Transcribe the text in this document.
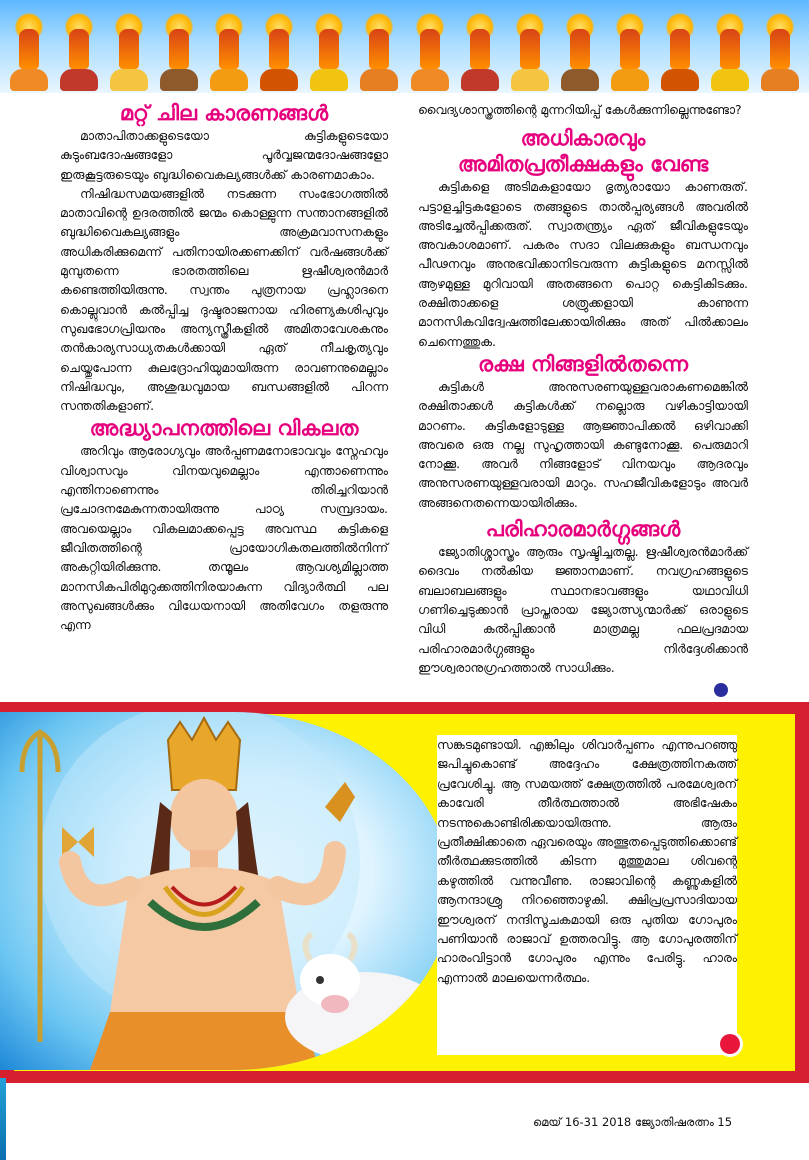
മറ്റ് ചില കാരണങ്ങൾ

മാതാപിതാക്കളുടെയോ കുട്ടികളുടെയോ കുടുംബദോഷങ്ങളോ പൂർവ്വജന്മദോഷങ്ങളോ ഇരുകൂട്ടരുടെയും ബുദ്ധിവൈകല്യങ്ങൾക്ക് കാരണമാകാം.

നിഷിദ്ധസമയങ്ങളിൽ നടക്കുന്ന സംഭോഗത്തിൽ മാതാവിന്റെ ഉദരത്തിൽ ജന്മം കൊള്ളുന്ന സന്താനങ്ങളിൽ ബുദ്ധിവൈകല്യങ്ങളും അക്രമവാസനകളും അധികരിക്കുമെന്ന് പതിനായിരക്കണക്കിന് വർഷങ്ങൾക്ക് മുമ്പുതന്നെ ഭാരതത്തിലെ ഋഷീശ്വരൻമാർ കണ്ടെത്തിയിരുന്നു. സ്വന്തം പുത്രനായ പ്രഹ്ലാദനെ കൊല്ലുവാൻ കൽപ്പിച്ച ദുഷ്ടരാജനായ ഹിരണ്യകശിപുവും സുഖഭോഗപ്രിയനും അന്യസ്ത്രീകളിൽ അമിതാവേശകനും തൻകാര്യസാധ്യതകൾക്കായി ഏത് നീചകൃത്യവും ചെയ്തുപോന്ന കുലദ്രോഹിയുമായിരുന്ന രാവണനുമെല്ലാം നിഷിദ്ധവും, അശുദ്ധവുമായ ബന്ധങ്ങളിൽ പിറന്ന സന്തതികളാണ്.

അദ്ധ്യാപനത്തിലെ വികലത

അറിവും ആരോഗ്യവും അർപ്പണമനോഭാവവും സ്നേഹവും വിശ്വാസവും വിനയവുമെല്ലാം എന്താണെന്നും എന്തിനാണെന്നും തിരിച്ചറിയാൻ പ്രചോദനമേകുന്നതായിരുന്നു പാഠ്യ സമ്പ്രദായം. അവയെല്ലാം വികലമാക്കപ്പെട്ട അവസ്ഥ കുട്ടികളെ ജീവിതത്തിന്റെ പ്രായോഗികതലത്തിൽനിന്ന് അകറ്റിയിരിക്കുന്നു. തന്മൂലം ആവശ്യമില്ലാത്ത മാനസികപിരിമുറുക്കത്തിനിരയാകുന്ന വിദ്യാർത്ഥി പല അസുഖങ്ങൾക്കും വിധേയനായി അതിവേഗം തളരുന്നു എന്ന

വൈദ്യശാസ്ത്രത്തിന്റെ മുന്നറിയിപ്പ് കേൾക്കുന്നില്ലെന്നുണ്ടോ?

അധികാരവും
അമിതപ്രതീക്ഷകളും വേണ്ട

കുട്ടികളെ അടിമകളായോ ഭൃത്യരായോ കാണരുത്. പട്ടാളച്ചിട്ടകളോടെ തങ്ങളുടെ താൽപ്പര്യങ്ങൾ അവരിൽ അടിച്ചേൽപ്പിക്കരുത്. സ്വാതന്ത്ര്യം ഏത് ജീവികളുടേയും അവകാശമാണ്. പകരം സദാ വിലക്കുകളും ബന്ധനവും പീഢനവും അനുഭവിക്കാനിടവരുന്ന കുട്ടികളുടെ മനസ്സിൽ ആഴമുള്ള മുറിവായി അതങ്ങനെ പൊറ്റ കെട്ടികിടക്കും. രക്ഷിതാക്കളെ ശത്രുക്കളായി കാണുന്ന മാനസികവിദ്വേഷത്തിലേക്കായിരിക്കും അത് പിൽക്കാലം ചെന്നെത്തുക.

രക്ഷ നിങ്ങളിൽതന്നെ

കുട്ടികൾ അനുസരണയുള്ളവരാകണമെങ്കിൽ രക്ഷിതാക്കൾ കുട്ടികൾക്ക് നല്ലൊരു വഴികാട്ടിയായി മാറണം. കുട്ടികളോടുള്ള ആജ്ഞാപിക്കൽ ഒഴിവാക്കി അവരെ ഒരു നല്ല സുഹൃത്തായി കണ്ടുനോക്കൂ. പെരുമാറി നോക്കൂ. അവർ നിങ്ങളോട് വിനയവും ആദരവും അനുസരണയുള്ളവരായി മാറും. സഹജീവികളോടും അവർ അങ്ങനെതന്നെയായിരിക്കും.

പരിഹാരമാർഗ്ഗങ്ങൾ

ജ്യോതിശ്ശാസ്ത്രം ആരും സൃഷ്ടിച്ചതല്ല. ഋഷീശ്വരൻമാർക്ക് ദൈവം നൽകിയ ജ്ഞാനമാണ്. നവഗ്രഹങ്ങളുടെ ബലാബലങ്ങളും സ്ഥാനഭാവങ്ങളും യഥാവിധി ഗണിച്ചെടുക്കാൻ പ്രാപ്തരായ ജ്യോത്സ്യന്മാർക്ക് ഒരാളുടെ വിധി കൽപ്പിക്കാൻ മാത്രമല്ല ഫലപ്രദമായ പരിഹാരമാർഗ്ഗങ്ങളും നിർദ്ദേശിക്കാൻ ഈശ്വരാനുഗ്രഹത്താൽ സാധിക്കും.

സങ്കടമുണ്ടായി. എങ്കിലും ശിവാർപ്പണം എന്നുപറഞ്ഞു ജപിച്ചുകൊണ്ട് അദ്ദേഹം ക്ഷേത്രത്തിനകത്ത് പ്രവേശിച്ചു. ആ സമയത്ത് ക്ഷേത്രത്തിൽ പരമേശ്വരന് കാവേരി തീർത്ഥത്താൽ അഭിഷേകം നടന്നുകൊണ്ടിരിക്കയായിരുന്നു. ആരും പ്രതീക്ഷിക്കാതെ ഏവരെയും അത്ഭുതപ്പെടുത്തിക്കൊണ്ട് തീർത്ഥക്കുടത്തിൽ കിടന്ന മുത്തുമാല ശിവന്റെ കഴുത്തിൽ വന്നുവീണു. രാജാവിന്റെ കണ്ണുകളിൽ ആനന്ദാശ്രു നിറഞ്ഞൊഴുകി. ക്ഷിപ്രപ്രസാദിയായ ഈശ്വരന് നന്ദിസൂചകമായി ഒരു പുതിയ ഗോപുരം പണിയാൻ രാജാവ് ഉത്തരവിട്ടു. ആ ഗോപുരത്തിന് ഹാരംവിട്ടാൻ ഗോപുരം എന്നും പേരിട്ടു. ഹാരം എന്നാൽ മാലയെന്നർത്ഥം.

മെയ് 16-31 2018 ജ്യോതിഷരത്നം 15
